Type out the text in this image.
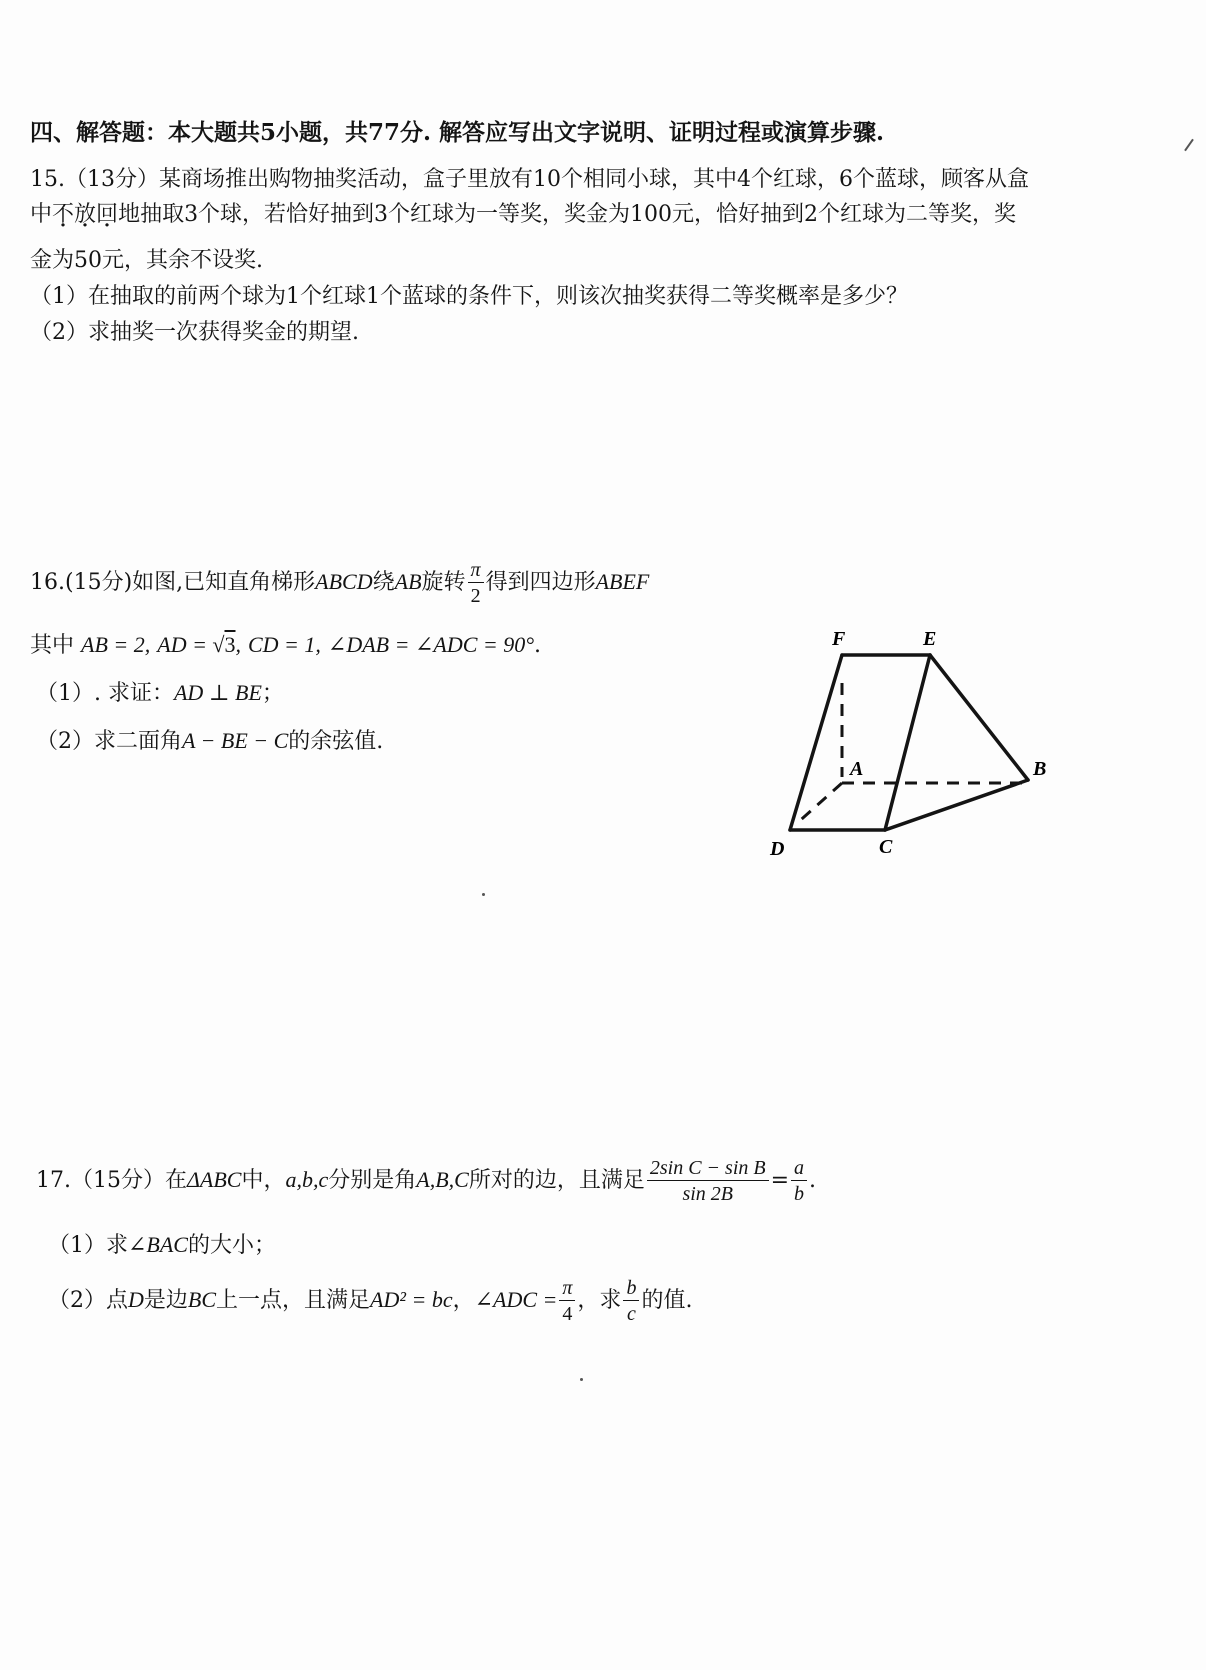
四、解答题：本大题共5小题，共77分. 解答应写出文字说明、证明过程或演算步骤.
15.（13分）某商场推出购物抽奖活动，盒子里放有10个相同小球，其中4个红球，6个蓝球，顾客从盒
中不放回地抽取3个球，若恰好抽到3个红球为一等奖，奖金为100元，恰好抽到2个红球为二等奖，奖
金为50元，其余不设奖.
（1）在抽取的前两个球为1个红球1个蓝球的条件下，则该次抽奖获得二等奖概率是多少？
（2）求抽奖一次获得奖金的期望.
16.(15分)如图,已知直角梯形ABCD绕AB旋转 $\frac{\pi}{2}$ 得到四边形ABEF
其中 AB = 2, AD = √3, CD = 1, ∠DAB = ∠ADC = 90°.
（1）. 求证：AD ⊥ BE；
（2）求二面角A − BE − C的余弦值.
F	E
A	B
D	C
17.（15分）在ΔABC中，a,b,c分别是角A,B,C所对的边，且满足 $\frac{\text{2sin C − sin B}}{\sin 2B} = \frac{a}{b}$ .
（1）求∠BAC的大小；
（2）点D是边BC上一点，且满足AD² = bc，∠ADC = $\frac{\pi}{4}$ ，求 $\frac{b}{c}$ 的值.
